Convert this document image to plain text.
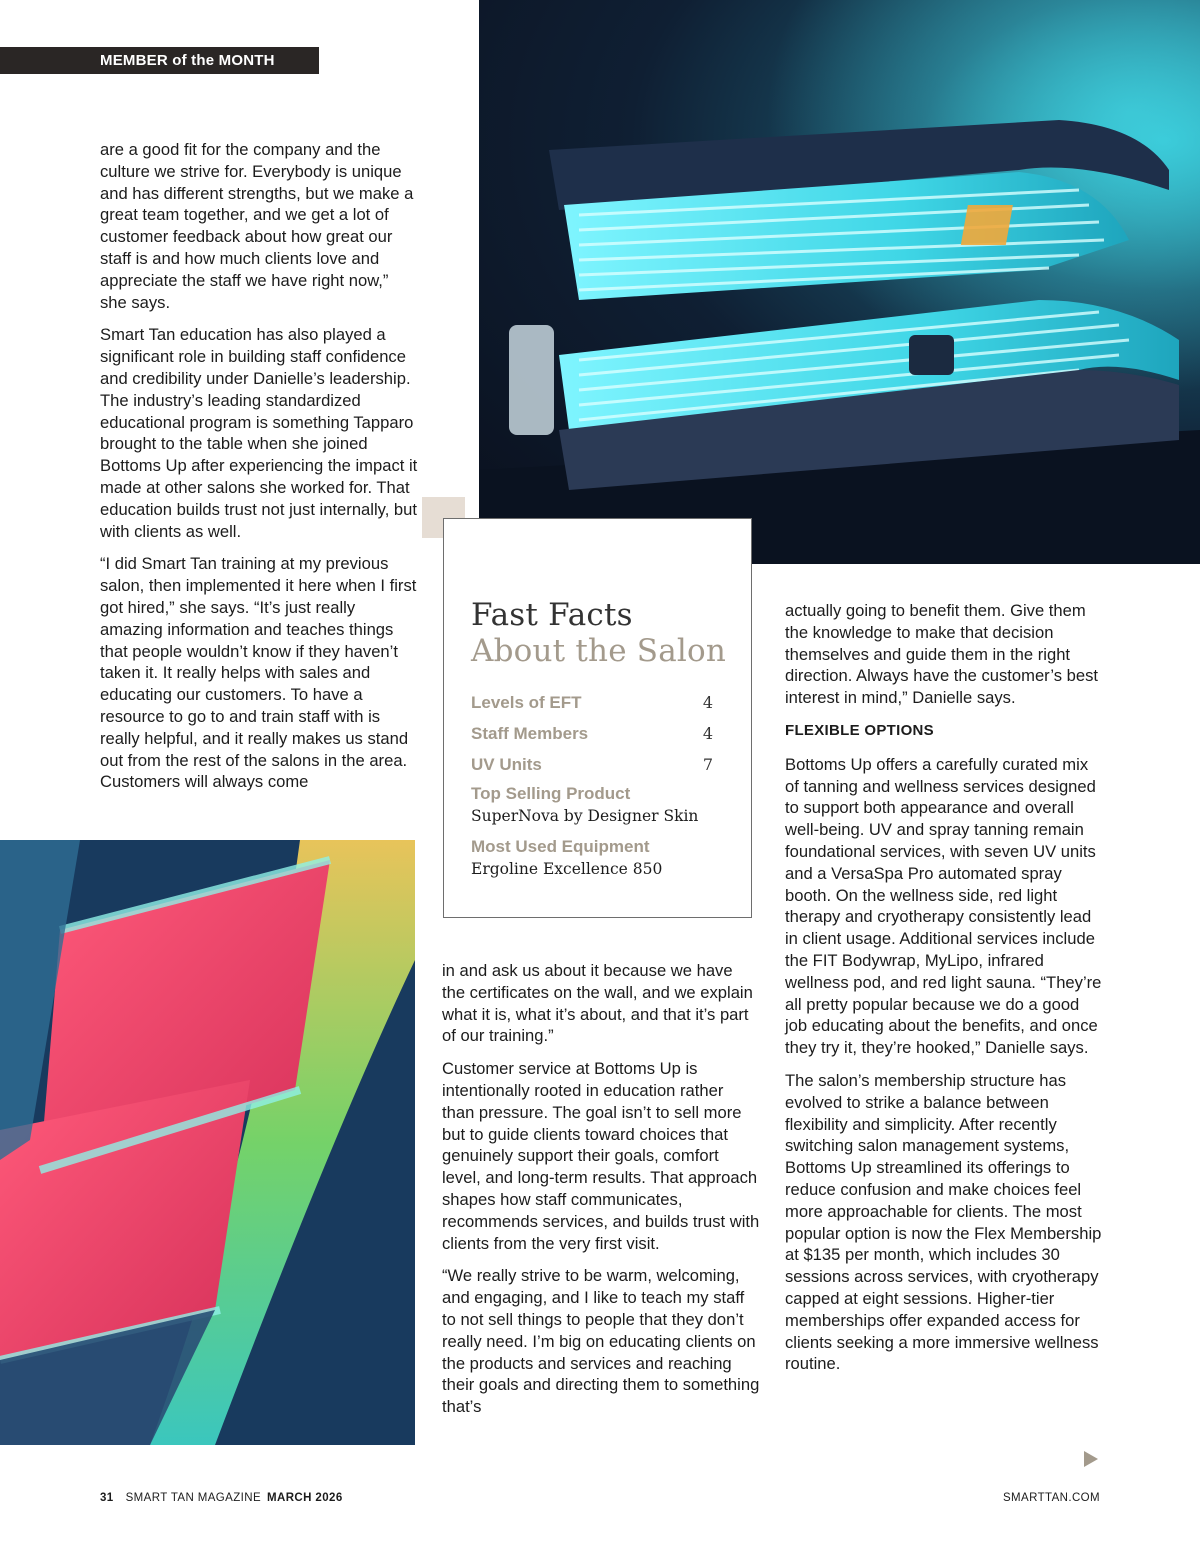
MEMBER of the MONTH

are a good fit for the company and the culture we strive for. Everybody is unique and has different strengths, but we make a great team together, and we get a lot of customer feedback about how great our staff is and how much clients love and appreciate the staff we have right now,” she says.

Smart Tan education has also played a significant role in building staff confidence and credibility under Danielle’s leadership. The industry’s leading standardized educational program is something Tapparo brought to the table when she joined Bottoms Up after experiencing the impact it made at other salons she worked for. That education builds trust not just internally, but with clients as well.

“I did Smart Tan training at my previous salon, then implemented it here when I first got hired,” she says. “It’s just really amazing information and teaches things that people wouldn’t know if they haven’t taken it. It really helps with sales and educating our customers. To have a resource to go to and train staff with is really helpful, and it really makes us stand out from the rest of the salons in the area. Customers will always come

Fast Facts
About the Salon
Levels of EFT	4
Staff Members	4
UV Units	7
Top Selling Product
SuperNova by Designer Skin
Most Used Equipment
Ergoline Excellence 850

in and ask us about it because we have the certificates on the wall, and we explain what it is, what it’s about, and that it’s part of our training.”

Customer service at Bottoms Up is intentionally rooted in education rather than pressure. The goal isn’t to sell more but to guide clients toward choices that genuinely support their goals, comfort level, and long-term results. That approach shapes how staff communicates, recommends services, and builds trust with clients from the very first visit.

“We really strive to be warm, welcoming, and engaging, and I like to teach my staff to not sell things to people that they don’t really need. I’m big on educating clients on the products and services and reaching their goals and directing them to something that’s

actually going to benefit them. Give them the knowledge to make that decision themselves and guide them in the right direction. Always have the customer’s best interest in mind,” Danielle says.

FLEXIBLE OPTIONS

Bottoms Up offers a carefully curated mix of tanning and wellness services designed to support both appearance and overall well-being. UV and spray tanning remain foundational services, with seven UV units and a VersaSpa Pro automated spray booth. On the wellness side, red light therapy and cryotherapy consistently lead in client usage. Additional services include the FIT Bodywrap, MyLipo, infrared wellness pod, and red light sauna. “They’re all pretty popular because we do a good job educating about the benefits, and once they try it, they’re hooked,” Danielle says.

The salon’s membership structure has evolved to strike a balance between flexibility and simplicity. After recently switching salon management systems, Bottoms Up streamlined its offerings to reduce confusion and make choices feel more approachable for clients. The most popular option is now the Flex Membership at $135 per month, which includes 30 sessions across services, with cryotherapy capped at eight sessions. Higher-tier memberships offer expanded access for clients seeking a more immersive wellness routine.

31 SMART TAN MAGAZINE MARCH 2026	SMARTTAN.COM
